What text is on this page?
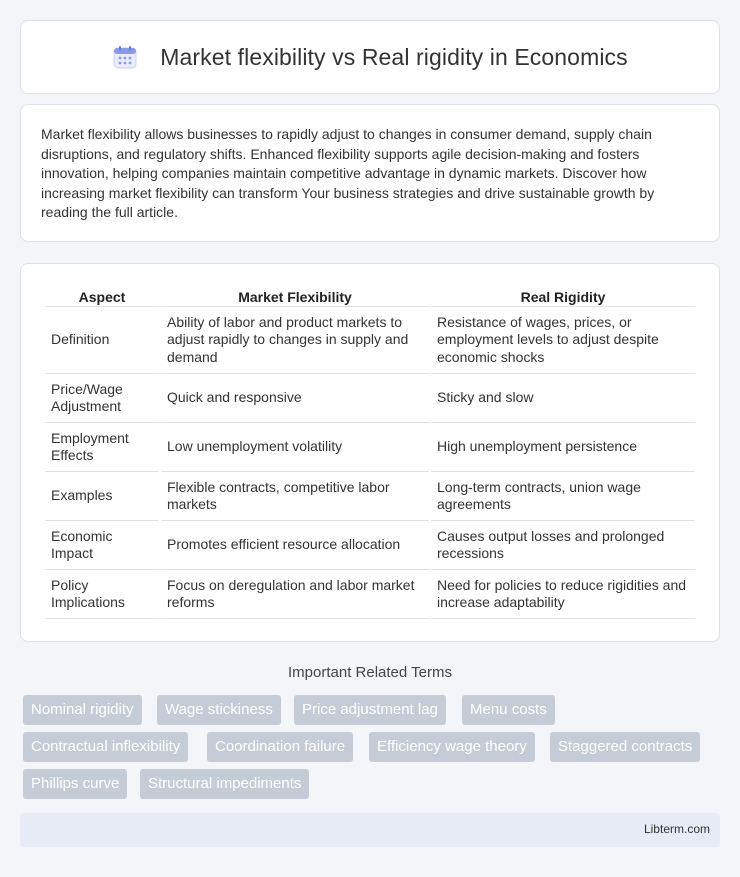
Market flexibility vs Real rigidity in Economics

Market flexibility allows businesses to rapidly adjust to changes in consumer demand, supply chain disruptions, and regulatory shifts. Enhanced flexibility supports agile decision-making and fosters innovation, helping companies maintain competitive advantage in dynamic markets. Discover how increasing market flexibility can transform Your business strategies and drive sustainable growth by reading the full article.

Aspect	Market Flexibility	Real Rigidity
Definition	Ability of labor and product markets to adjust rapidly to changes in supply and demand	Resistance of wages, prices, or employment levels to adjust despite economic shocks
Price/Wage Adjustment	Quick and responsive	Sticky and slow
Employment Effects	Low unemployment volatility	High unemployment persistence
Examples	Flexible contracts, competitive labor markets	Long-term contracts, union wage agreements
Economic Impact	Promotes efficient resource allocation	Causes output losses and prolonged recessions
Policy Implications	Focus on deregulation and labor market reforms	Need for policies to reduce rigidities and increase adaptability
Important Related Terms
Nominal rigidity	Wage stickiness	Price adjustment lag	Menu costs
Contractual inflexibility	Coordination failure	Efficiency wage theory	Staggered contracts
Phillips curve	Structural impediments
Libterm.com
